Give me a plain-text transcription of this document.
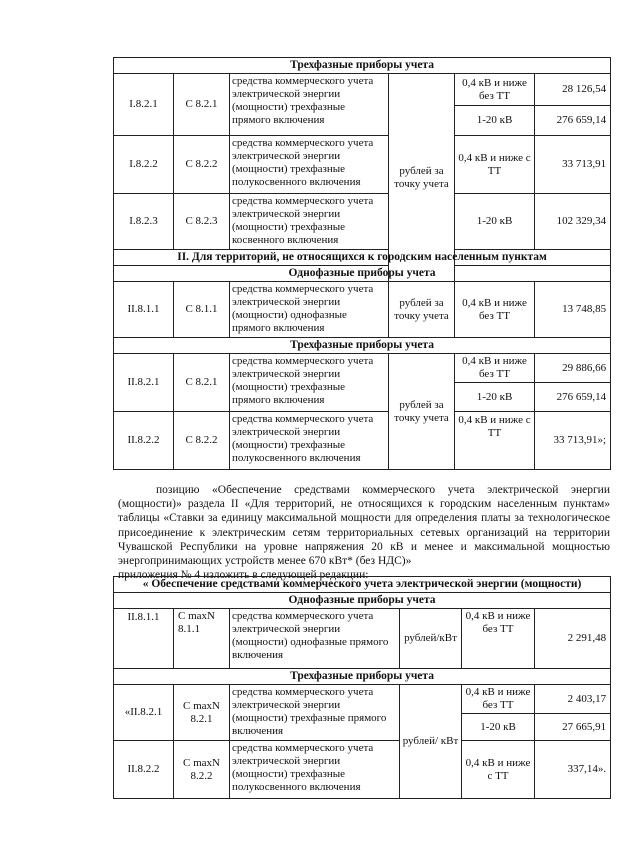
Трехфазные приборы учета					
I.8.2.1	С 8.2.1	средства коммерческого учета электрической энергии (мощности) трехфазные прямого включения	рублей за точку учета	0,4 кВ и ниже без ТТ	28 126,54
				1-20 кВ	276 659,14
I.8.2.2	С 8.2.2	средства коммерческого учета электрической энергии (мощности) трехфазные полукосвенного включения		0,4 кВ и ниже с ТТ	33 713,91
I.8.2.3	С 8.2.3	средства коммерческого учета электрической энергии (мощности) трехфазные косвенного включения		1-20 кВ	102 329,34
II. Для территорий, не относящихся к городским населенным пунктам					
Однофазные приборы учета					
II.8.1.1	С 8.1.1	средства коммерческого учета электрической энергии (мощности) однофазные прямого включения	рублей за точку учета	0,4 кВ и ниже без ТТ	13 748,85
Трехфазные приборы учета					
II.8.2.1	С 8.2.1	средства коммерческого учета электрической энергии (мощности) трехфазные прямого включения	рублей за точку учета	0,4 кВ и ниже без ТТ	29 886,66
				1-20 кВ	276 659,14
II.8.2.2	С 8.2.2	средства коммерческого учета электрической энергии (мощности) трехфазные полукосвенного включения		0,4 кВ и ниже с ТТ	33 713,91»;

позицию «Обеспечение средствами коммерческого учета электрической энергии (мощности)» раздела II «Для территорий, не относящихся к городским населенным пунктам» таблицы «Ставки за единицу максимальной мощности для определения платы за технологическое присоединение к электрическим сетям территориальных сетевых организаций на территории Чувашской Республики на уровне напряжения 20 кВ и менее и максимальной мощностью энергопринимающих устройств менее 670 кВт* (без НДС)»

приложения № 4 изложить в следующей редакции:

« Обеспечение средствами коммерческого учета электрической энергии (мощности)					
Однофазные приборы учета					
II.8.1.1	С maxN 8.1.1	средства коммерческого учета электрической энергии (мощности) однофазные прямого включения	рублей/кВт	0,4 кВ и ниже без ТТ	2 291,48
Трехфазные приборы учета					
«II.8.2.1	С maxN 8.2.1	средства коммерческого учета электрической энергии (мощности) трехфазные прямого включения	рублей/ кВт	0,4 кВ и ниже без ТТ	2 403,17
				1-20 кВ	27 665,91
II.8.2.2	С maxN 8.2.2	средства коммерческого учета электрической энергии (мощности) трехфазные полукосвенного включения		0,4 кВ и ниже с ТТ	337,14».
